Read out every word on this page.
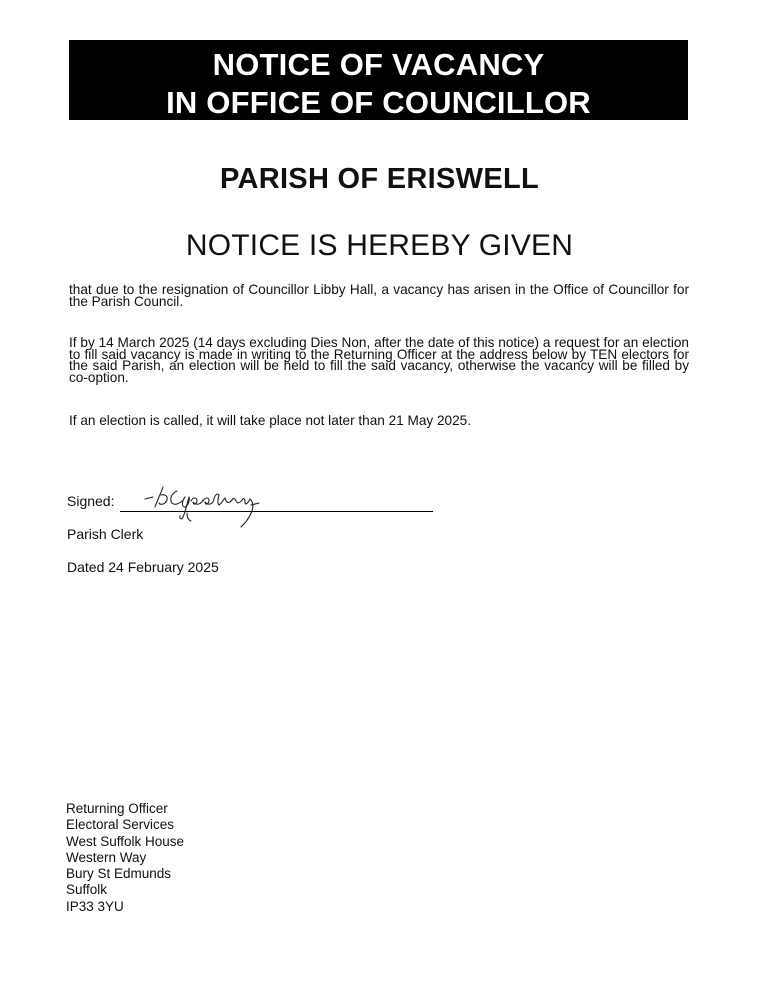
NOTICE OF VACANCY
IN OFFICE OF COUNCILLOR
PARISH OF ERISWELL
NOTICE IS HEREBY GIVEN
that due to the resignation of Councillor Libby Hall, a vacancy has arisen in the Office of Councillor for the Parish Council.
If by 14 March 2025 (14 days excluding Dies Non, after the date of this notice) a request for an election to fill said vacancy is made in writing to the Returning Officer at the address below by TEN electors for the said Parish, an election will be held to fill the said vacancy, otherwise the vacancy will be filled by co-option.
If an election is called, it will take place not later than 21 May 2025.
Signed:
Parish Clerk
Dated 24 February 2025
Returning Officer
Electoral Services
West Suffolk House
Western Way
Bury St Edmunds
Suffolk
IP33 3YU
